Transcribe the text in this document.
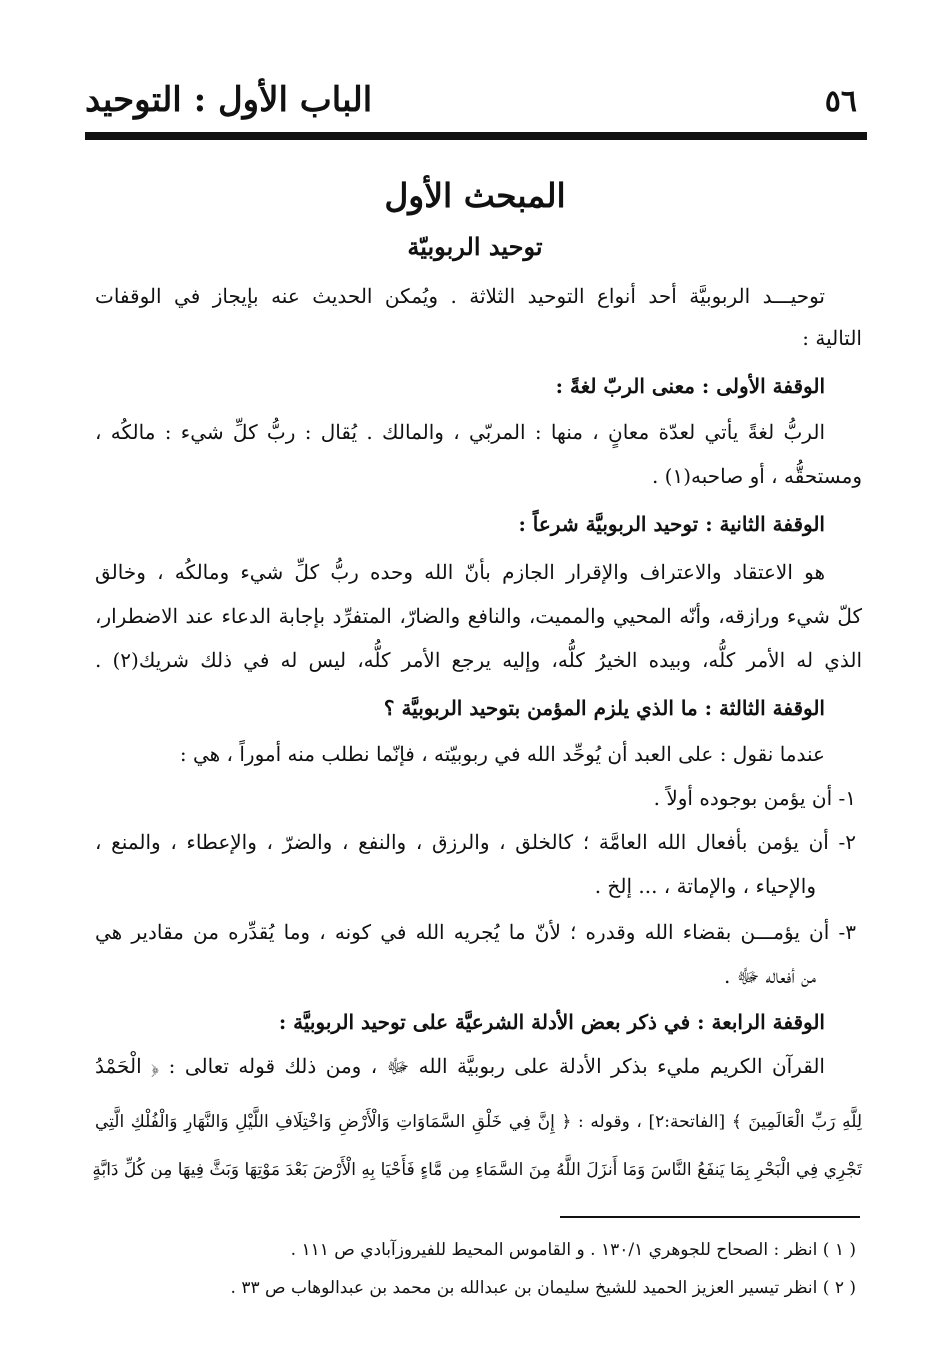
٥٦
الباب الأول : التوحيد
المبحث الأول
توحيد الربوبيّة
توحيـــد الربوبيَّة أحد أنواع التوحيد الثلاثة . ويُمكن الحديث عنه بإيجاز في الوقفات
التالية :
الوقفة الأولى : معنى الربّ لغةً :
الربُّ لغةً يأتي لعدّة معانٍ ، منها : المربّي ، والمالك . يُقال : ربُّ كلِّ شيء : مالكُه ،
ومستحقُّه ، أو صاحبه(١) .
الوقفة الثانية : توحيد الربوبيَّة شرعاً :
هو الاعتقاد والاعتراف والإقرار الجازم بأنّ الله وحده ربُّ كلِّ شيء ومالكُه ، وخالق
كلّ شيء ورازقه، وأنّه المحيي والمميت، والنافع والضارّ، المتفرِّد بإجابة الدعاء عند الاضطرار،
الذي له الأمر كلُّه، وبيده الخيرُ كلُّه، وإليه يرجع الأمر كلُّه، ليس له في ذلك شريك(٢) .
الوقفة الثالثة : ما الذي يلزم المؤمن بتوحيد الربوبيَّة ؟
عندما نقول : على العبد أن يُوحِّد الله في ربوبيّته ، فإنّما نطلب منه أموراً ، هي :
١- أن يؤمن بوجوده أولاً .
٢- أن يؤمن بأفعال الله العامَّة ؛ كالخلق ، والرزق ، والنفع ، والضرّ ، والإعطاء ، والمنع ،
والإحياء ، والإماتة ، ... إلخ .
٣- أن يؤمـــن بقضاء الله وقدره ؛ لأنّ ما يُجريه الله في كونه ، وما يُقدِّره من مقادير هي
من أفعاله ﷻ .
الوقفة الرابعة : في ذكر بعض الأدلة الشرعيَّة على توحيد الربوبيَّة :
القرآن الكريم مليء بذكر الأدلة على ربوبيَّة الله ﷻ ، ومن ذلك قوله تعالى : ﴿ الْحَمْدُ
لِلَّهِ رَبِّ الْعَالَمِينَ ﴾ [الفاتحة:٢] ، وقوله : ﴿ إِنَّ فِي خَلْقِ السَّمَاوَاتِ وَالْأَرْضِ وَاخْتِلَافِ اللَّيْلِ وَالنَّهَارِ وَالْفُلْكِ الَّتِي
تَجْرِي فِي الْبَحْرِ بِمَا يَنفَعُ النَّاسَ وَمَا أَنزَلَ اللَّهُ مِنَ السَّمَاءِ مِن مَّاءٍ فَأَحْيَا بِهِ الْأَرْضَ بَعْدَ مَوْتِهَا وَبَثَّ فِيهَا مِن كُلِّ دَابَّةٍ
( ١ ) انظر : الصحاح للجوهري ١٣٠/١ . و القاموس المحيط للفيروزآبادي ص ١١١ .
( ٢ ) انظر تيسير العزيز الحميد للشيخ سليمان بن عبدالله بن محمد بن عبدالوهاب ص ٣٣ .
